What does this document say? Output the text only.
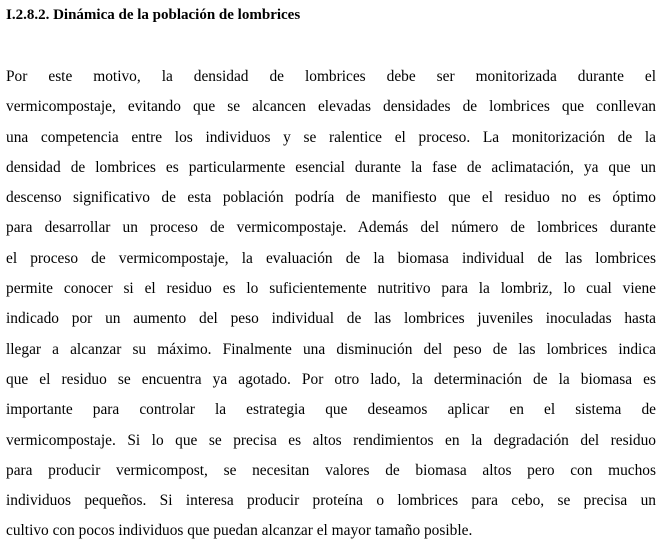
I.2.8.2. Dinámica de la población de lombrices
Por este motivo, la densidad de lombrices debe ser monitorizada durante el
vermicompostaje, evitando que se alcancen elevadas densidades de lombrices que conllevan
una competencia entre los individuos y se ralentice el proceso. La monitorización de la
densidad de lombrices es particularmente esencial durante la fase de aclimatación, ya que un
descenso significativo de esta población podría de manifiesto que el residuo no es óptimo
para desarrollar un proceso de vermicompostaje. Además del número de lombrices durante
el proceso de vermicompostaje, la evaluación de la biomasa individual de las lombrices
permite conocer si el residuo es lo suficientemente nutritivo para la lombriz, lo cual viene
indicado por un aumento del peso individual de las lombrices juveniles inoculadas hasta
llegar a alcanzar su máximo. Finalmente una disminución del peso de las lombrices indica
que el residuo se encuentra ya agotado. Por otro lado, la determinación de la biomasa es
importante para controlar la estrategia que deseamos aplicar en el sistema de
vermicompostaje. Si lo que se precisa es altos rendimientos en la degradación del residuo
para producir vermicompost, se necesitan valores de biomasa altos pero con muchos
individuos pequeños. Si interesa producir proteína o lombrices para cebo, se precisa un
cultivo con pocos individuos que puedan alcanzar el mayor tamaño posible.
